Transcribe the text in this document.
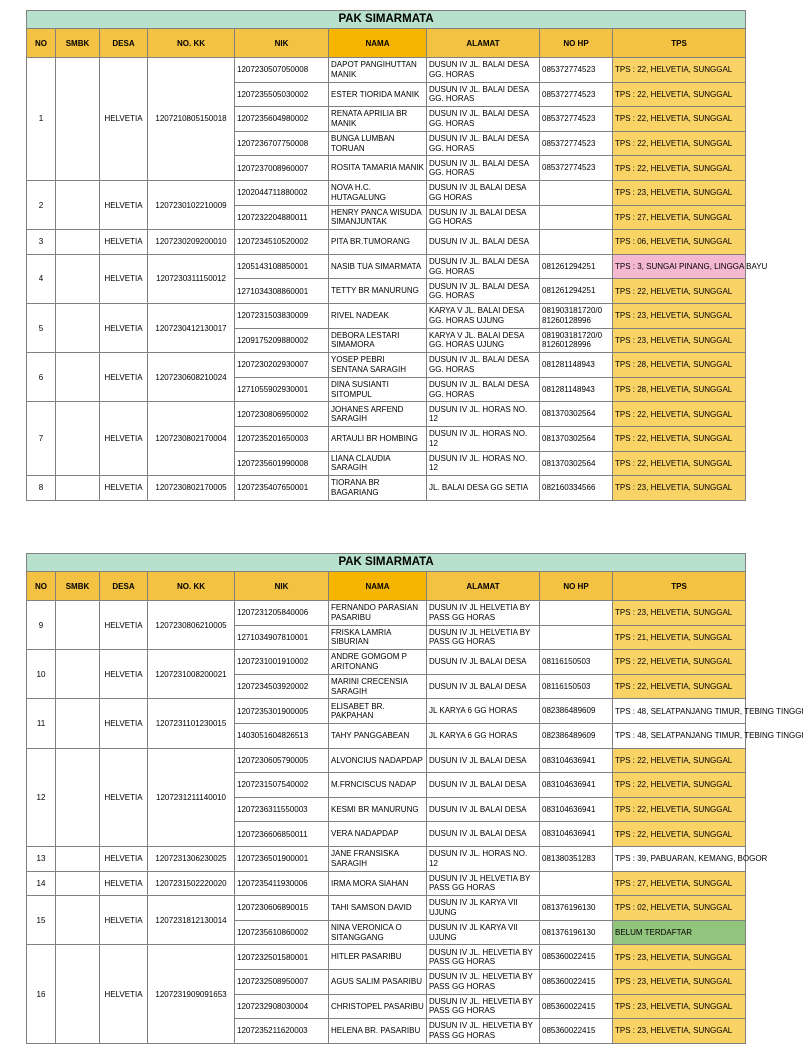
PAK SIMARMATA								
NO	SMBK	DESA	NO. KK	NIK	NAMA	ALAMAT	NO HP	TPS
1		HELVETIA	1207210805150018	1207230507050008	DAPOT PANGIHUTTAN MANIK	DUSUN IV JL. BALAI DESA GG. HORAS	085372774523	TPS : 22, HELVETIA, SUNGGAL
				1207235505030002	ESTER TIORIDA MANIK	DUSUN IV JL. BALAI DESA GG. HORAS	085372774523	TPS : 22, HELVETIA, SUNGGAL
				1207235604980002	RENATA APRILIA BR MANIK	DUSUN IV JL. BALAI DESA GG. HORAS	085372774523	TPS : 22, HELVETIA, SUNGGAL
				1207236707750008	BUNGA LUMBAN TORUAN	DUSUN IV JL. BALAI DESA GG. HORAS	085372774523	TPS : 22, HELVETIA, SUNGGAL
				1207237008960007	ROSITA TAMARIA MANIK	DUSUN IV JL. BALAI DESA GG. HORAS	085372774523	TPS : 22, HELVETIA, SUNGGAL
2		HELVETIA	1207230102210009	1202044711880002	NOVA H.C. HUTAGALUNG	DUSUN IV JL BALAI DESA GG HORAS		TPS : 23, HELVETIA, SUNGGAL
				1207232204880011	HENRY PANCA WISUDA SIMANJUNTAK	DUSUN IV JL BALAI DESA GG HORAS		TPS : 27, HELVETIA, SUNGGAL
3		HELVETIA	1207230209200010	1207234510520002	PITA BR.TUMORANG	DUSUN IV JL. BALAI DESA		TPS : 06, HELVETIA, SUNGGAL
4		HELVETIA	1207230311150012	1205143108850001	NASIB TUA SIMARMATA	DUSUN IV JL. BALAI DESA GG. HORAS	081261294251	TPS : 3, SUNGAI PINANG, LINGGA BAYU
				1271034308860001	TETTY BR MANURUNG	DUSUN IV JL. BALAI DESA GG. HORAS	081261294251	TPS : 22, HELVETIA, SUNGGAL
5		HELVETIA	1207230412130017	1207231503830009	RIVEL NADEAK	KARYA V JL. BALAI DESA GG. HORAS UJUNG	081903181720/0 81260128996	TPS : 23, HELVETIA, SUNGGAL
				1209175209880002	DEBORA LESTARI SIMAMORA	KARYA V JL. BALAI DESA GG. HORAS UJUNG	081903181720/0 81260128996	TPS : 23, HELVETIA, SUNGGAL
6		HELVETIA	1207230608210024	1207230202930007	YOSEP PEBRI SENTANA SARAGIH	DUSUN IV JL. BALAI DESA GG. HORAS	081281148943	TPS : 28, HELVETIA, SUNGGAL
				1271055902930001	DINA SUSIANTI SITOMPUL	DUSUN IV JL. BALAI DESA GG. HORAS	081281148943	TPS : 28, HELVETIA, SUNGGAL
7		HELVETIA	1207230802170004	1207230806950002	JOHANES ARFEND SARAGIH	DUSUN IV JL. HORAS NO. 12	081370302564	TPS : 22, HELVETIA, SUNGGAL
				1207235201650003	ARTAULI BR HOMBING	DUSUN IV JL. HORAS NO. 12	081370302564	TPS : 22, HELVETIA, SUNGGAL
				1207235601990008	LIANA CLAUDIA SARAGIH	DUSUN IV JL. HORAS NO. 12	081370302564	TPS : 22, HELVETIA, SUNGGAL
8		HELVETIA	1207230802170005	1207235407650001	TIORANA BR BAGARIANG	JL. BALAI DESA GG SETIA	082160334566	TPS : 23, HELVETIA, SUNGGAL
PAK SIMARMATA								
NO	SMBK	DESA	NO. KK	NIK	NAMA	ALAMAT	NO HP	TPS
9		HELVETIA	1207230806210005	1207231205840006	FERNANDO PARASIAN PASARIBU	DUSUN IV JL HELVETIA BY PASS GG HORAS		TPS : 23, HELVETIA, SUNGGAL
				1271034907810001	FRISKA LAMRIA SIBURIAN	DUSUN IV JL HELVETIA BY PASS GG HORAS		TPS : 21, HELVETIA, SUNGGAL
10		HELVETIA	1207231008200021	1207231001910002	ANDRE GOMGOM P ARITONANG	DUSUN IV JL BALAI DESA	08116150503	TPS : 22, HELVETIA, SUNGGAL
				1207234503920002	MARINI CRECENSIA SARAGIH	DUSUN IV JL BALAI DESA	08116150503	TPS : 22, HELVETIA, SUNGGAL
11		HELVETIA	1207231101230015	1207235301900005	ELISABET BR. PAKPAHAN	JL KARYA 6 GG HORAS	082386489609	TPS : 48, SELATPANJANG TIMUR, TEBING TINGGI
				1403051604826513	TAHY PANGGABEAN	JL KARYA 6 GG HORAS	082386489609	TPS : 48, SELATPANJANG TIMUR, TEBING TINGGI
12		HELVETIA	1207231211140010	1207230605790005	ALVONCIUS NADAPDAP	DUSUN IV JL BALAI DESA	083104636941	TPS : 22, HELVETIA, SUNGGAL
				1207231507540002	M.FRNCISCUS NADAP	DUSUN IV JL BALAI DESA	083104636941	TPS : 22, HELVETIA, SUNGGAL
				1207236311550003	KESMI BR MANURUNG	DUSUN IV JL BALAI DESA	083104636941	TPS : 22, HELVETIA, SUNGGAL
				1207236606850011	VERA NADAPDAP	DUSUN IV JL BALAI DESA	083104636941	TPS : 22, HELVETIA, SUNGGAL
13		HELVETIA	1207231306230025	1207236501900001	JANE FRANSISKA SARAGIH	DUSUN IV JL. HORAS NO. 12	081380351283	TPS : 39, PABUARAN, KEMANG, BOGOR
14		HELVETIA	1207231502220020	1207235411930006	IRMA MORA SIAHAN	DUSUN IV JL HELVETIA BY PASS GG HORAS		TPS : 27, HELVETIA, SUNGGAL
15		HELVETIA	1207231812130014	1207230606890015	TAHI SAMSON DAVID	DUSUN IV JL KARYA VII UJUNG	081376196130	TPS : 02, HELVETIA, SUNGGAL
				1207235610860002	NINA VERONICA O SITANGGANG	DUSUN IV JL KARYA VII UJUNG	081376196130	BELUM TERDAFTAR
16		HELVETIA	1207231909091653	1207232501580001	HITLER PASARIBU	DUSUN IV JL. HELVETIA BY PASS GG HORAS	085360022415	TPS : 23, HELVETIA, SUNGGAL
				1207232508950007	AGUS SALIM PASARIBU	DUSUN IV JL. HELVETIA BY PASS GG HORAS	085360022415	TPS : 23, HELVETIA, SUNGGAL
				1207232908030004	CHRISTOPEL PASARIBU	DUSUN IV JL. HELVETIA BY PASS GG HORAS	085360022415	TPS : 23, HELVETIA, SUNGGAL
				1207235211620003	HELENA BR. PASARIBU	DUSUN IV JL. HELVETIA BY PASS GG HORAS	085360022415	TPS : 23, HELVETIA, SUNGGAL
